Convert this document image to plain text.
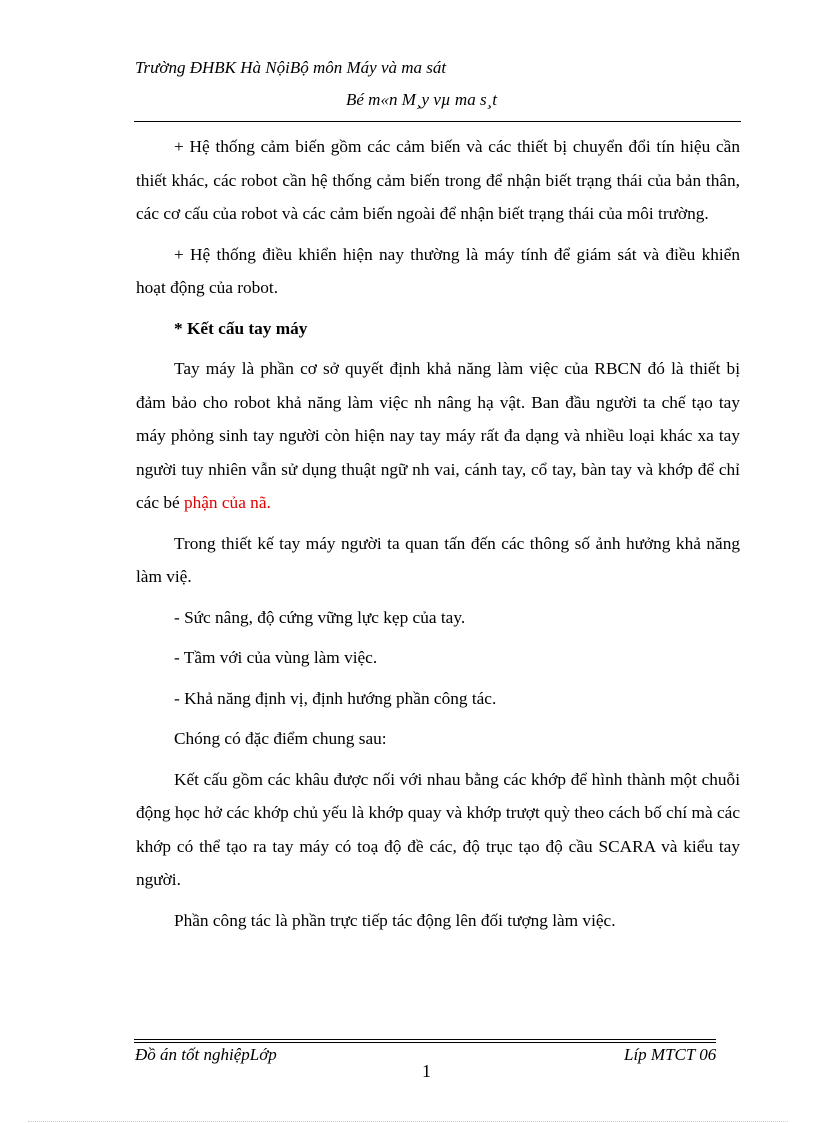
Trường ĐHBK Hà NộiBộ môn Máy và ma sát
Bé m«n M¸y vµ ma s¸t

+ Hệ thống cảm biến gồm các cảm biến và các thiết bị chuyển đổi tín hiệu cần thiết khác, các robot cần hệ thống cảm biến trong để nhận biết trạng thái của bản thân, các cơ cấu của robot và các cảm biến ngoài để nhận biết trạng thái của môi trường.

+ Hệ thống điều khiển hiện nay thường là máy tính để giám sát và điều khiển hoạt động của robot.

* Kết cấu tay máy

Tay máy là phần cơ sở quyết định khả năng làm việc của RBCN đó là thiết bị đảm bảo cho robot khả năng làm việc nh nâng hạ vật. Ban đầu người ta chế tạo tay máy phỏng sinh tay người còn hiện nay tay máy rất đa dạng và nhiều loại khác xa tay người tuy nhiên vẫn sử dụng thuật ngữ nh vai, cánh tay, cổ tay, bàn tay và khớp để chỉ các bé phận của nã.

Trong thiết kế tay máy người ta quan tấn đến các thông số ảnh hưởng khả năng làm việ.

- Sức nâng, độ cứng vững lực kẹp của tay.

- Tầm với của vùng làm việc.

- Khả năng định vị, định hướng phần công tác.

Chóng có đặc điểm chung sau:

Kết cấu gồm các khâu được nối với nhau bằng các khớp để hình thành một chuỗi động học hở các khớp chủ yếu là khớp quay và khớp trượt quỳ theo cách bố chí mà các khớp có thể tạo ra tay máy có toạ độ đề các, độ trục tạo độ cầu SCARA và kiểu tay người.

Phần công tác là phần trực tiếp tác động lên đối tượng làm việc.

Đồ án tốt nghiệpLớp	Líp MTCT 06
1
